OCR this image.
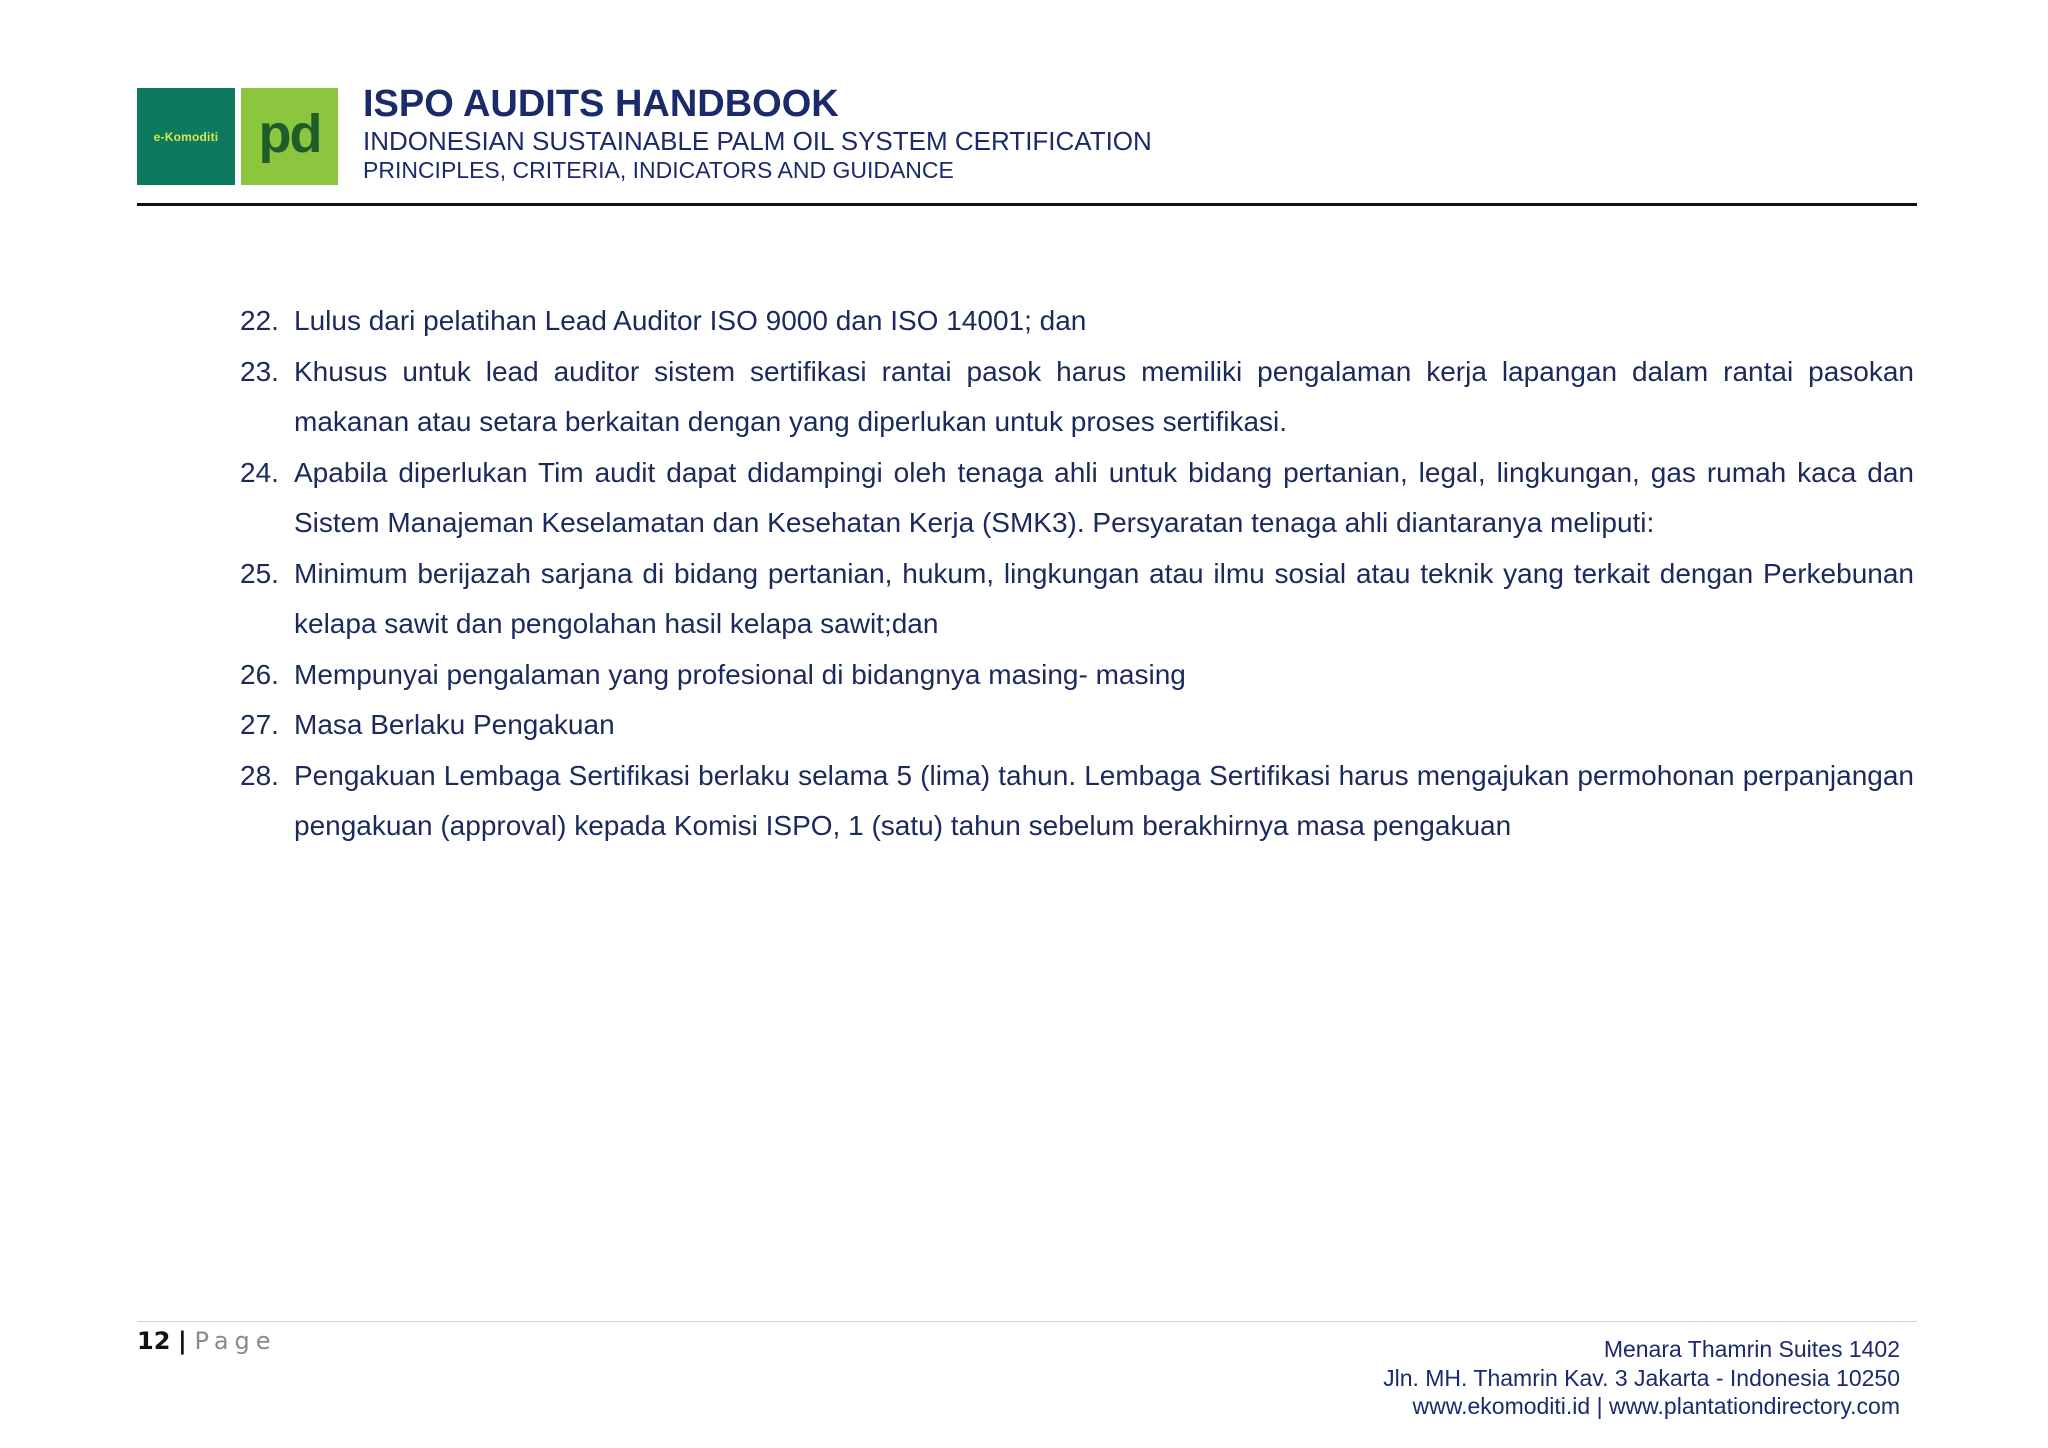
e-Komoditi pd ISPO AUDITS HANDBOOK
INDONESIAN SUSTAINABLE PALM OIL SYSTEM CERTIFICATION
PRINCIPLES, CRITERIA, INDICATORS AND GUIDANCE
22. Lulus dari pelatihan Lead Auditor ISO 9000 dan ISO 14001; dan
23. Khusus untuk lead auditor sistem sertifikasi rantai pasok harus memiliki pengalaman kerja lapangan dalam rantai pasokan makanan atau setara berkaitan dengan yang diperlukan untuk proses sertifikasi.
24. Apabila diperlukan Tim audit dapat didampingi oleh tenaga ahli untuk bidang pertanian, legal, lingkungan, gas rumah kaca dan Sistem Manajeman Keselamatan dan Kesehatan Kerja (SMK3). Persyaratan tenaga ahli diantaranya meliputi:
25. Minimum berijazah sarjana di bidang pertanian, hukum, lingkungan atau ilmu sosial atau teknik yang terkait dengan Perkebunan kelapa sawit dan pengolahan hasil kelapa sawit;dan
26. Mempunyai pengalaman yang profesional di bidangnya masing- masing
27. Masa Berlaku Pengakuan
28. Pengakuan Lembaga Sertifikasi berlaku selama 5 (lima) tahun. Lembaga Sertifikasi harus mengajukan permohonan perpanjangan pengakuan (approval) kepada Komisi ISPO, 1 (satu) tahun sebelum berakhirnya masa pengakuan
12 | Page	Menara Thamrin Suites 1402
Jln. MH. Thamrin Kav. 3 Jakarta - Indonesia 10250
www.ekomoditi.id | www.plantationdirectory.com
